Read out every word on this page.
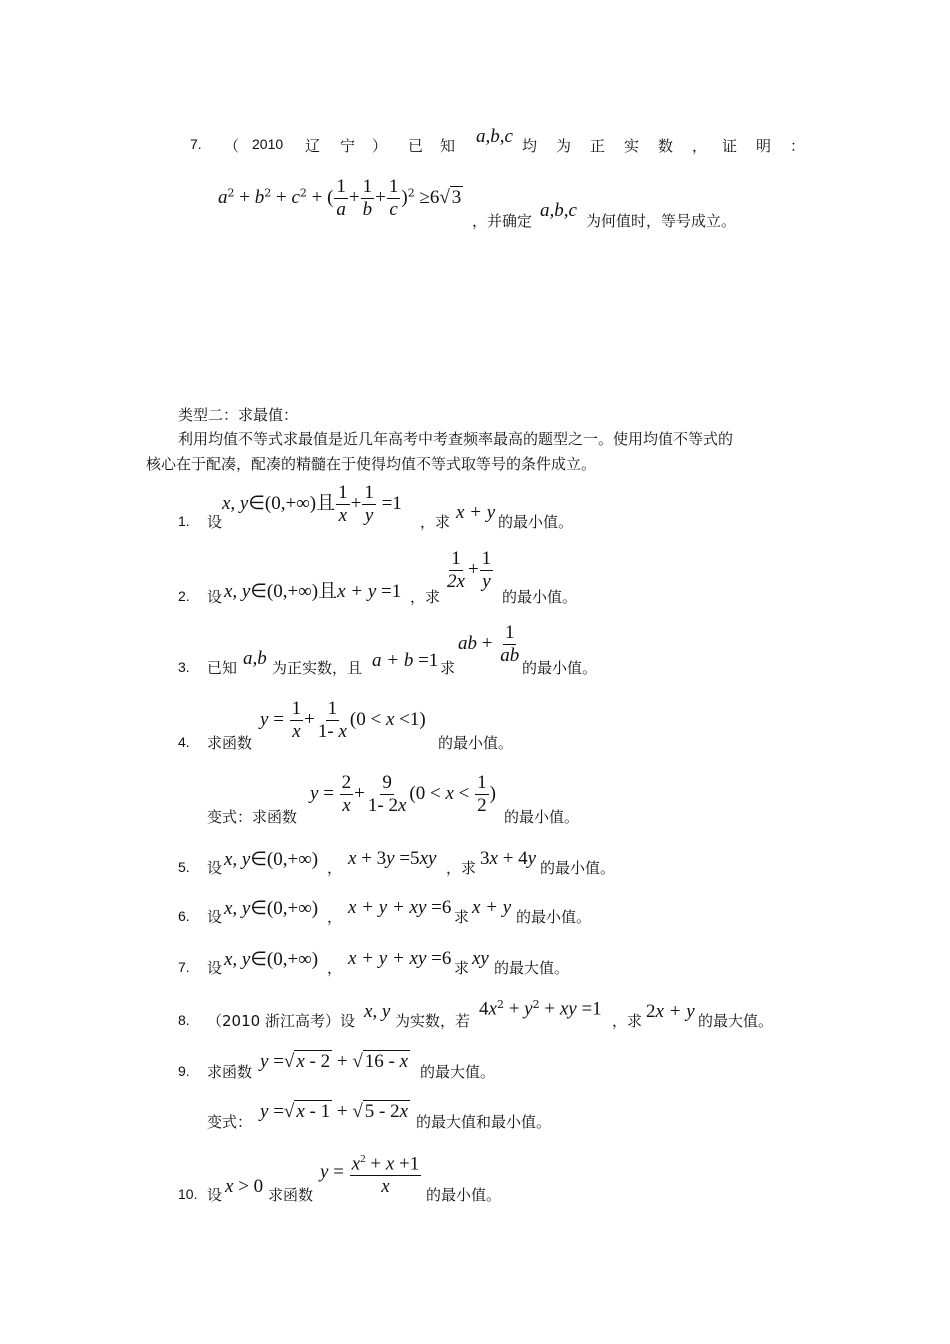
7. （ 2010 辽 宁 ） 已 知 a,b,c 均 为 正 实 数 ， 证 明 ：
$a^2 + b^2 + c^2$ + ( $\frac{1}{a} + \frac{1}{b} + \frac{1}{c} )^2 \ge 6√$ 3
，并确定 a,b,c 为何值时，等号成立。
类型二：求最值：
利用均值不等式求最值是近几年高考中考查频率最高的题型之一。使用均值不等式的
核心在于配凑，配凑的精髓在于使得均值不等式取等号的条件成立。
1. 设
x, y∈(0,+∞)且 $\frac{1}{x} + \frac{1}{y} =1$
，求 x + y 的最小值。
2. 设 x, y∈(0,+∞)且x + y =1 ，求
$\frac{1}{2x} + \frac{1}{y}$
的最小值。
3. 已知 a,b 为正实数，且 a + b =1 求
ab + $\frac{1}{ab}$
的最小值。
4. 求函数
$y = \frac{1}{x} + \frac{1}{1- x} (0 < x <1)$
的最小值。
变式：求函数
$y = \frac{2}{x} + \frac{9}{1- 2x} (0 < x < \frac{1}{2}$ )
的最小值。
5. 设 x, y∈(0,+∞) ， x + 3y =5xy ，求 3x + 4y 的最小值。
6. 设 x, y∈(0,+∞) ， x + y + xy =6 求 x + y 的最小值。
7. 设 x, y∈(0,+∞) ， x + y + xy =6 求 xy 的最大值。
8. （2010 浙江高考）设 x, y 为实数，若
$4x^2 + y^2$ + xy =1
，求 2x + y 的最大值。
9. 求函数 y =√ x - 2 + √ 16 - x 的最大值。
变式： y =√ x - 1 + √ 5 - 2x 的最大值和最小值。
10. 设 x > 0 求函数
$y = \frac{x^2 + x +1}{x}$ 的最小值。
